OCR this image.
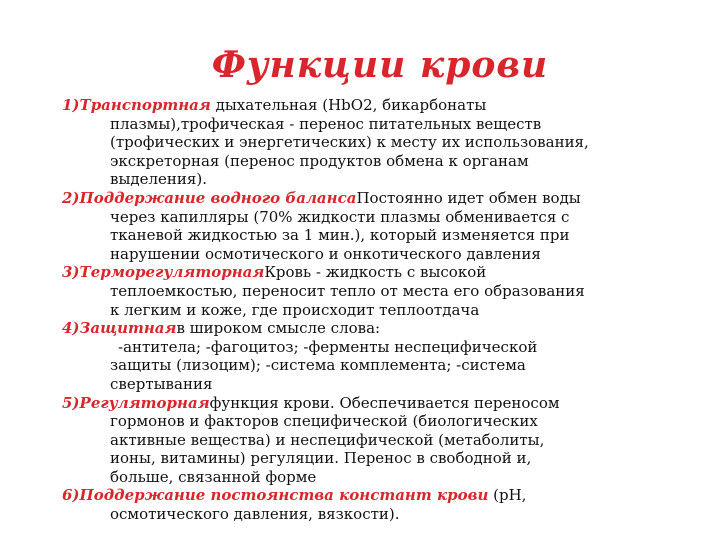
Функции крови
1)Транспортная дыхательная (HbO2, бикарбонаты
плазмы),трофическая - перенос питательных веществ
(трофических и энергетических) к месту их использования,
экскреторная (перенос продуктов обмена к органам
выделения).
2)Поддержание водного балансаПостоянно идет обмен воды
через капилляры (70% жидкости плазмы обменивается с
тканевой жидкостью за 1 мин.), который изменяется при
нарушении осмотического и онкотического давления
3)ТерморегуляторнаяКровь - жидкость с высокой
теплоемкостью, переносит тепло от места его образования
к легким и коже, где происходит теплоотдача
4)Защитнаяв широком смысле слова:
-антитела; -фагоцитоз; -ферменты неспецифической
защиты (лизоцим); -система комплемента; -система
свертывания
5)Регуляторнаяфункция крови. Обеспечивается переносом
гормонов и факторов специфической (биологических
активные вещества) и неспецифической (метаболиты,
ионы, витамины) регуляции. Перенос в свободной и,
больше, связанной форме
6)Поддержание постоянства констант крови (pH,
осмотического давления, вязкости).
